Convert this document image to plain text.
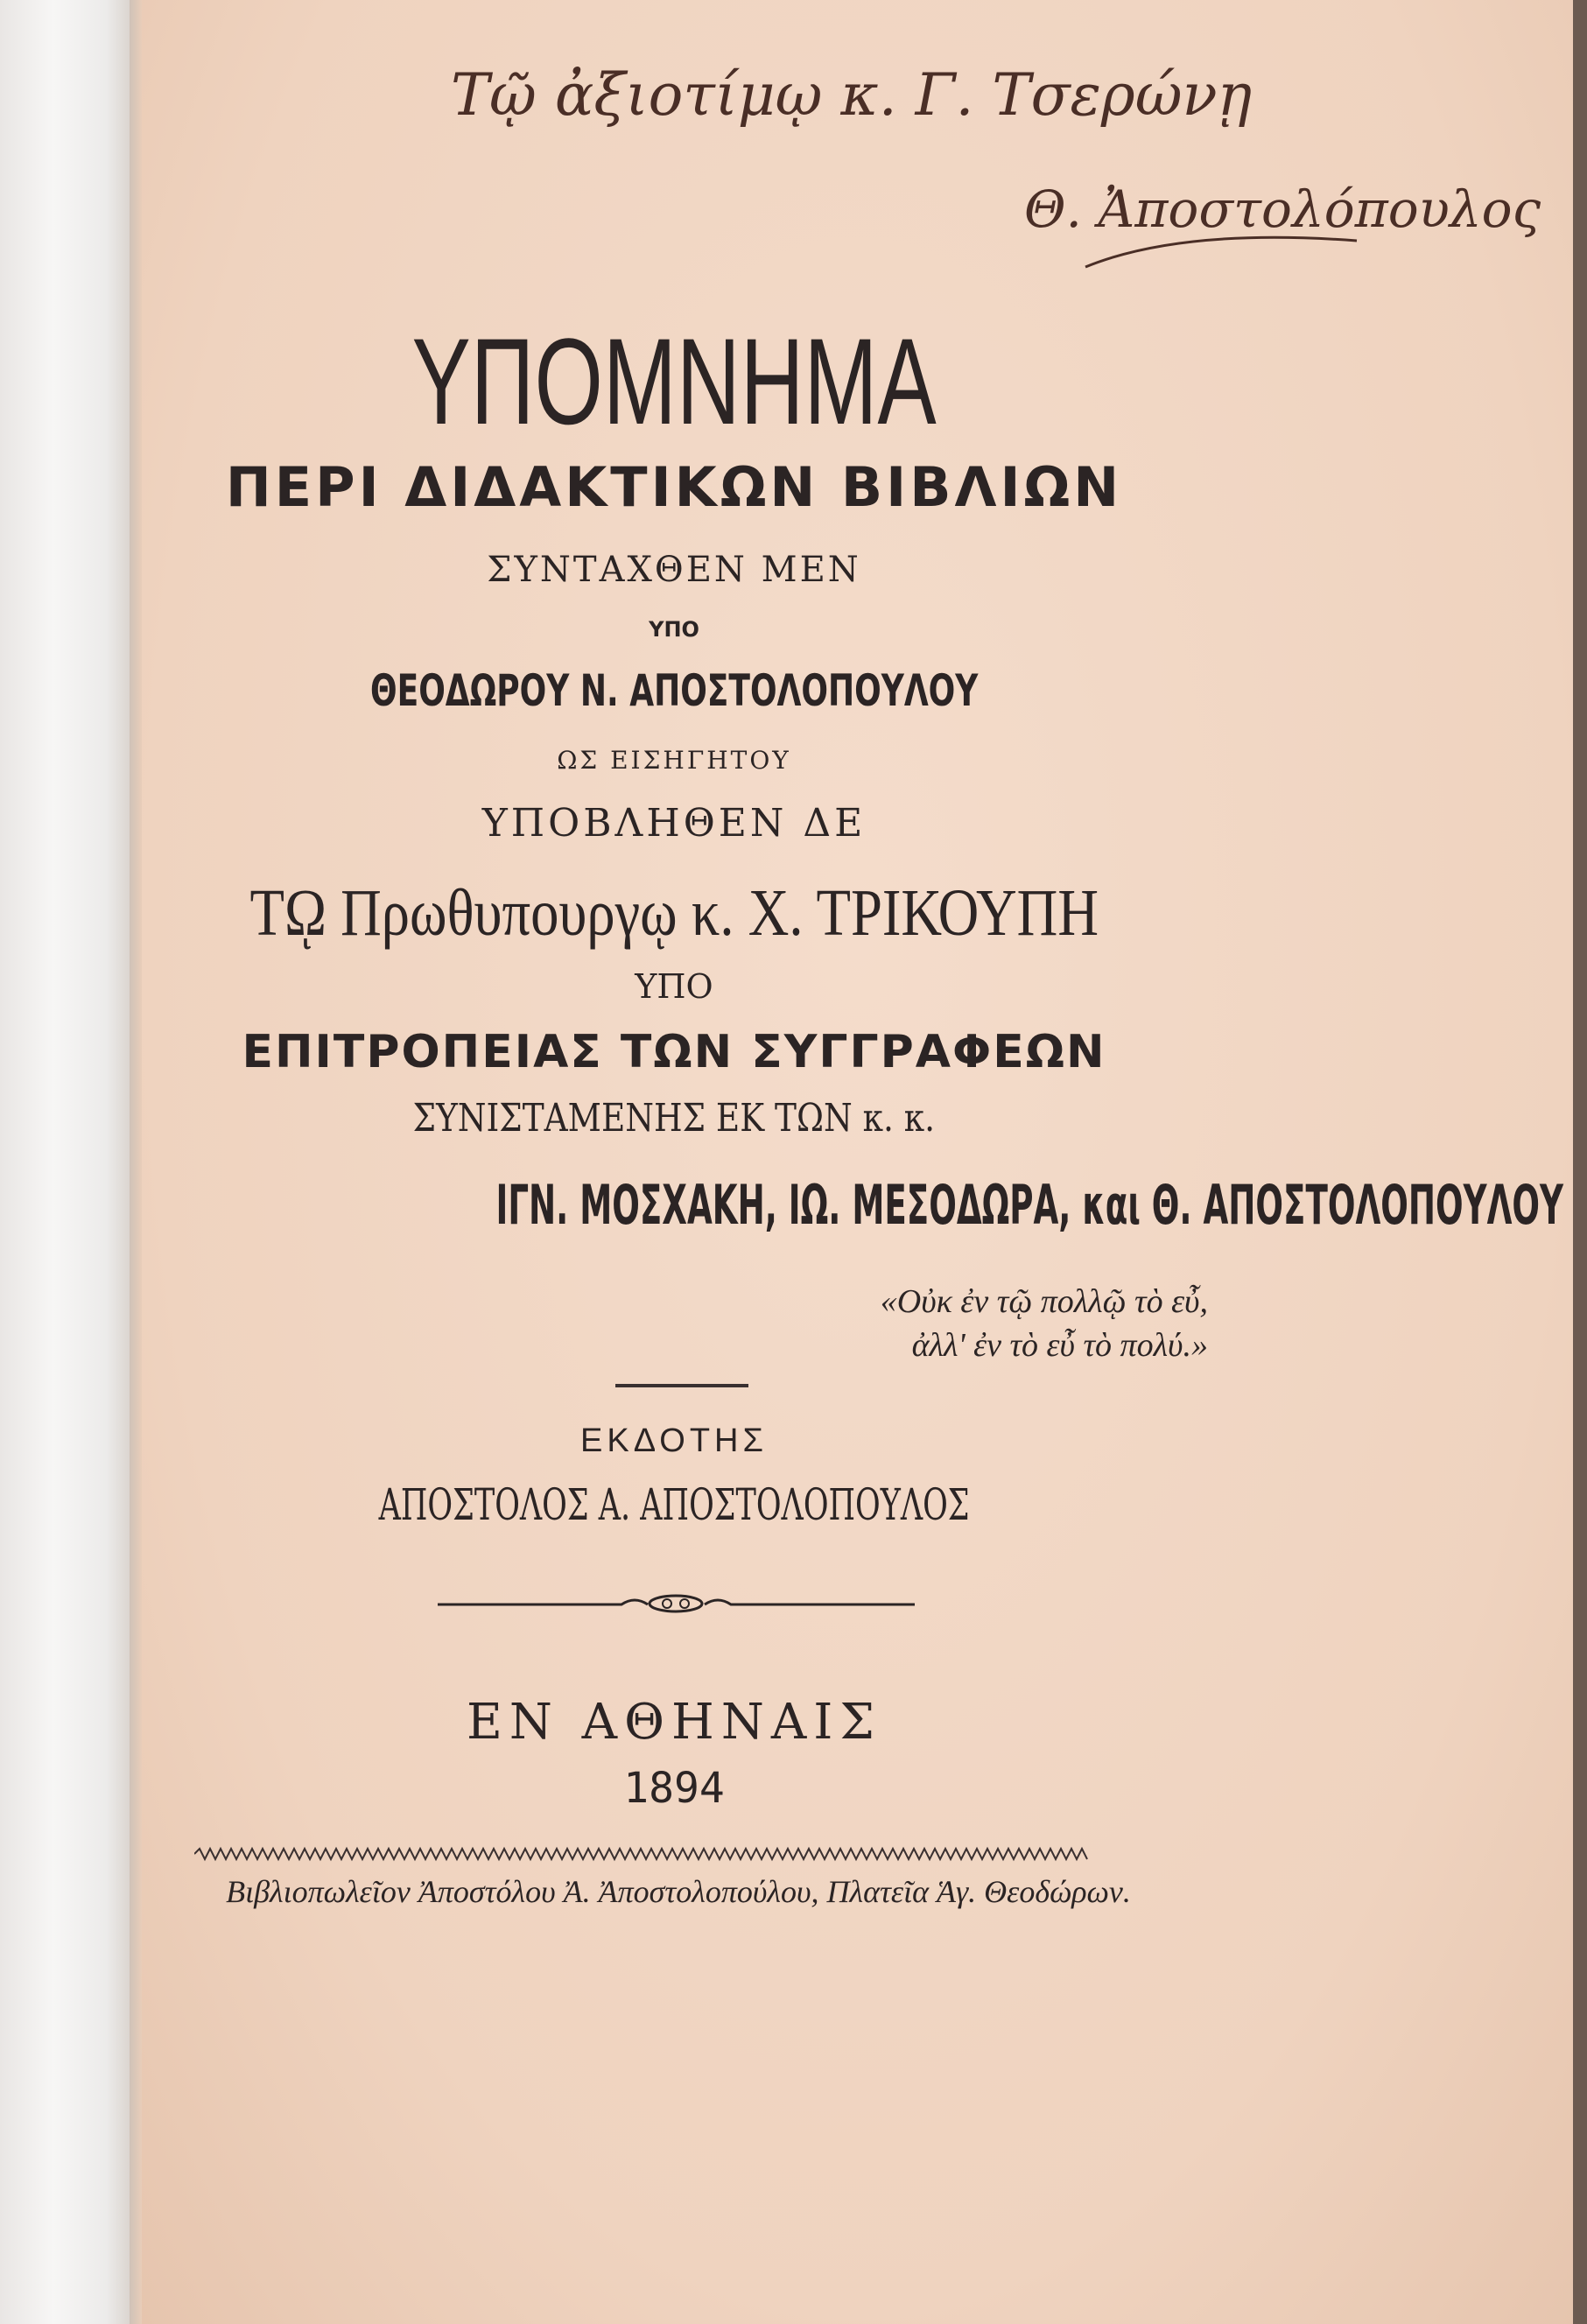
Τῷ ἀξιοτίμῳ κ. Γ. Τσερώνῃ
Θ. Ἀποστολόπουλος
ΥΠΟΜΝΗΜΑ
ΠΕΡΙ ΔΙΔΑΚΤΙΚΩΝ ΒΙΒΛΙΩΝ
ΣΥΝΤΑΧΘΕΝ ΜΕΝ
ΥΠΟ
ΘΕΟΔΩΡΟΥ Ν. ΑΠΟΣΤΟΛΟΠΟΥΛΟΥ
ΩΣ ΕΙΣΗΓΗΤΟΥ
ΥΠΟΒΛΗΘΕΝ ΔΕ
Τῼ Πρωθυπουργῳ κ. Χ. ΤΡΙΚΟΥΠΗ
ΥΠΟ
ΕΠΙΤΡΟΠΕΙΑΣ ΤΩΝ ΣΥΓΓΡΑΦΕΩΝ
ΣΥΝΙΣΤΑΜΕΝΗΣ ΕΚ ΤΩΝ κ. κ.
ΙΓΝ. ΜΟΣΧΑΚΗ, ΙΩ. ΜΕΣΟΔΩΡΑ, και Θ. ΑΠΟΣΤΟΛΟΠΟΥΛΟΥ
«Οὐκ ἐν τῷ πολλῷ τὸ εὖ,
ἀλλ' ἐν τὸ εὖ τὸ πολύ.»
ΕΚΔΟΤΗΣ
ΑΠΟΣΤΟΛΟΣ Α. ΑΠΟΣΤΟΛΟΠΟΥΛΟΣ
ΕΝ ΑΘΗΝΑΙΣ
1894
Βιβλιοπωλεῖον Ἀποστόλου Ἀ. Ἀποστολοπούλου, Πλατεῖα Ἁγ. Θεοδώρων.
